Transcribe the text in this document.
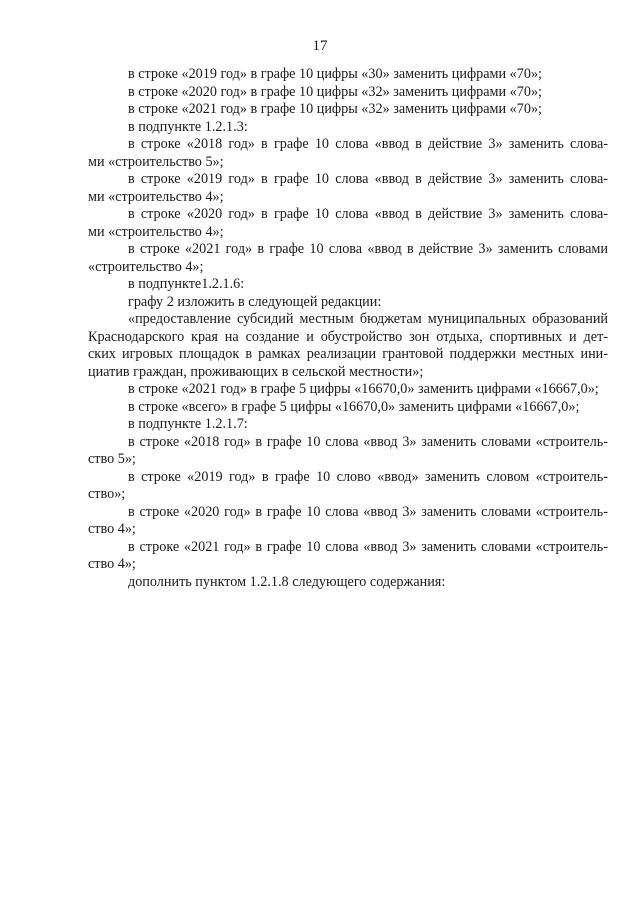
17
в строке «2019 год» в графе 10 цифры «30» заменить цифрами «70»;
в строке «2020 год» в графе 10 цифры «32» заменить цифрами «70»;
в строке «2021 год» в графе 10 цифры «32» заменить цифрами «70»;
в подпункте 1.2.1.3:
в строке «2018 год» в графе 10 слова «ввод в действие 3» заменить слова-
ми «строительство 5»;
в строке «2019 год» в графе 10 слова «ввод в действие 3» заменить слова-
ми «строительство 4»;
в строке «2020 год» в графе 10 слова «ввод в действие 3» заменить слова-
ми «строительство 4»;
в строке «2021 год» в графе 10 слова «ввод в действие 3» заменить словами
«строительство 4»;
в подпункте1.2.1.6:
графу 2 изложить в следующей редакции:
«предоставление субсидий местным бюджетам муниципальных образований
Краснодарского края на создание и обустройство зон отдыха, спортивных и дет-
ских игровых площадок в рамках реализации грантовой поддержки местных ини-
циатив граждан, проживающих в сельской местности»;
в строке «2021 год» в графе 5 цифры «16670,0» заменить цифрами «16667,0»;
в строке «всего» в графе 5 цифры «16670,0» заменить цифрами «16667,0»;
в подпункте 1.2.1.7:
в строке «2018 год» в графе 10 слова «ввод 3» заменить словами «строитель-
ство 5»;
в строке «2019 год» в графе 10 слово «ввод» заменить словом «строитель-
ство»;
в строке «2020 год» в графе 10 слова «ввод 3» заменить словами «строитель-
ство 4»;
в строке «2021 год» в графе 10 слова «ввод 3» заменить словами «строитель-
ство 4»;
дополнить пунктом 1.2.1.8 следующего содержания:
